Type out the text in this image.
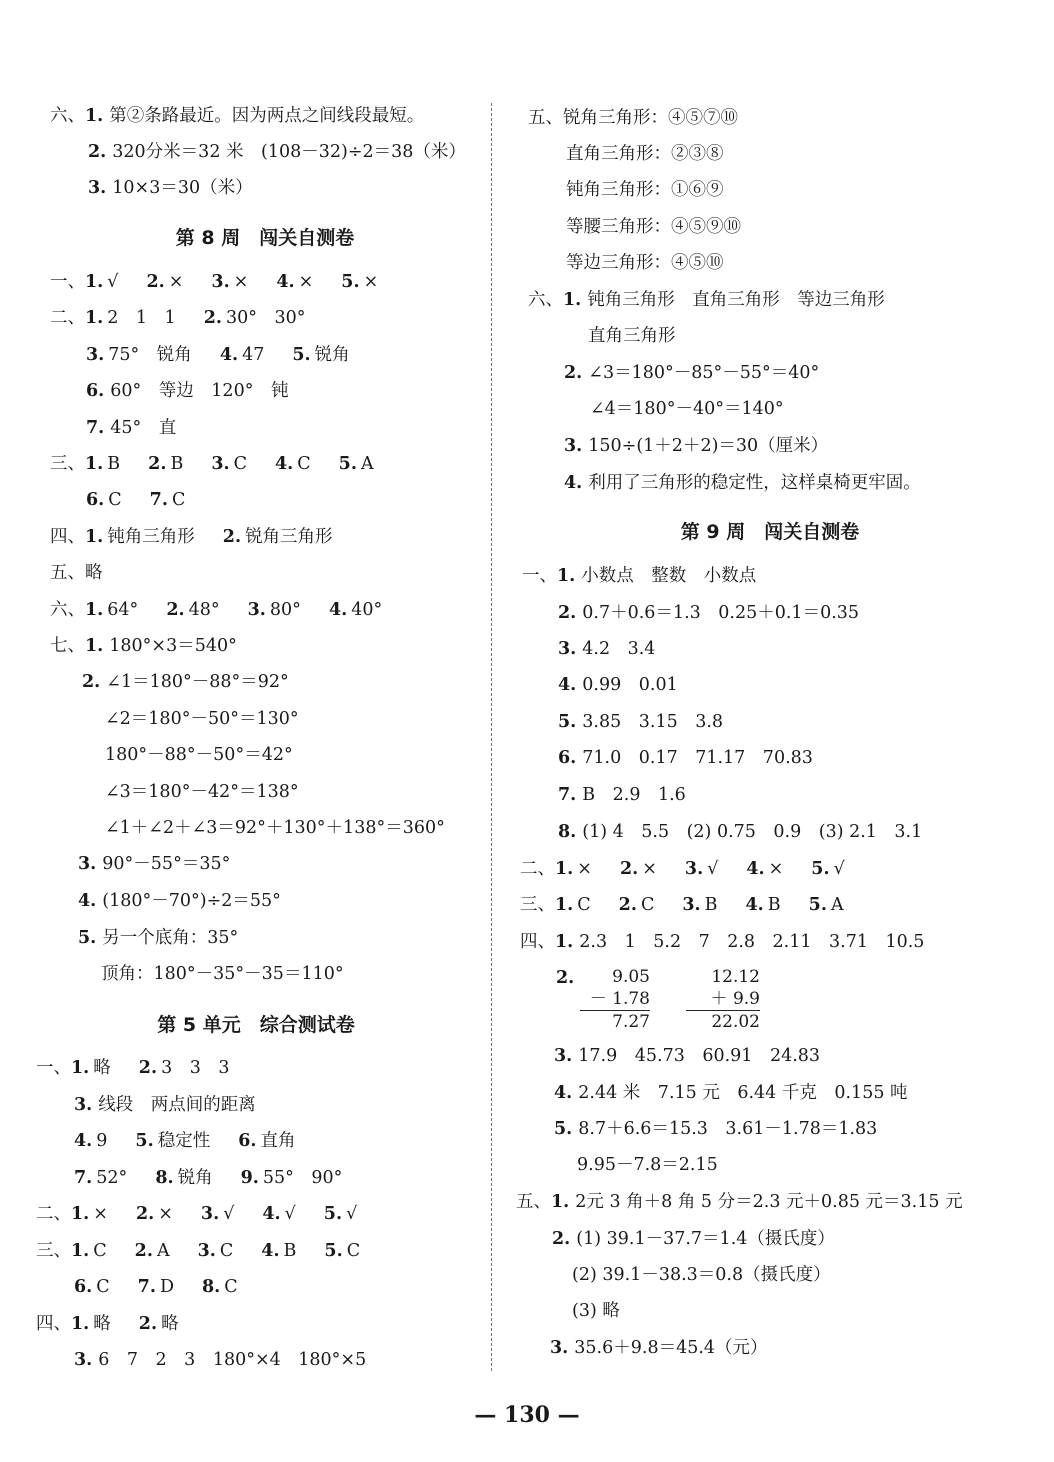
六、1. 第②条路最近。因为两点之间线段最短。
2. 320分米＝32 米　(108－32)÷2＝38（米）
3. 10×3＝30（米）
第 8 周　闯关自测卷
一、1. √ 2. × 3. × 4. × 5. ×
二、1. 2　1　1 2. 30°　30°
3. 75°　锐角 4. 47 5. 锐角
6. 60°　等边　120°　钝
7. 45°　直
三、1. B 2. B 3. C 4. C 5. A
6. C 7. C
四、1. 钝角三角形 2. 锐角三角形
五、略
六、1. 64° 2. 48° 3. 80° 4. 40°
七、1. 180°×3＝540°
2. ∠1＝180°－88°＝92°
∠2＝180°－50°＝130°
180°－88°－50°＝42°
∠3＝180°－42°＝138°
∠1＋∠2＋∠3＝92°＋130°＋138°＝360°
3. 90°－55°＝35°
4. (180°－70°)÷2＝55°
5. 另一个底角：35°
顶角：180°－35°－35＝110°
第 5 单元　综合测试卷
一、1. 略 2. 3　3　3
3. 线段　两点间的距离
4. 9 5. 稳定性 6. 直角
7. 52° 8. 锐角 9. 55°　90°
二、1. × 2. × 3. √ 4. √ 5. √
三、1. C 2. A 3. C 4. B 5. C
6. C 7. D 8. C
四、1. 略 2. 略
3. 6　7　2　3　180°×4　180°×5
五、锐角三角形：④⑤⑦⑩
直角三角形：②③⑧
钝角三角形：①⑥⑨
等腰三角形：④⑤⑨⑩
等边三角形：④⑤⑩
六、1. 钝角三角形　直角三角形　等边三角形
直角三角形
2. ∠3＝180°－85°－55°＝40°
∠4＝180°－40°＝140°
3. 150÷(1＋2＋2)＝30（厘米）
4. 利用了三角形的稳定性，这样桌椅更牢固。
第 9 周　闯关自测卷
一、1. 小数点　整数　小数点
2. 0.7＋0.6＝1.3　0.25＋0.1＝0.35
3. 4.2　3.4
4. 0.99　0.01
5. 3.85　3.15　3.8
6. 71.0　0.17　71.17　70.83
7. B　2.9　1.6
8. (1) 4　5.5　(2) 0.75　0.9　(3) 2.1　3.1
二、1. × 2. × 3. √ 4. × 5. √
三、1. C 2. C 3. B 4. B 5. A
四、1. 2.3　1　5.2　7　2.8　2.11　3.71　10.5
2.	9.05
－ 1.78
7.27
12.12
＋ 9.9
22.02
3. 17.9　45.73　60.91　24.83
4. 2.44 米　7.15 元　6.44 千克　0.155 吨
5. 8.7＋6.6＝15.3　3.61－1.78＝1.83
9.95－7.8＝2.15
五、1. 2元 3 角＋8 角 5 分＝2.3 元＋0.85 元＝3.15 元
2. (1) 39.1－37.7＝1.4（摄氏度）
(2) 39.1－38.3＝0.8（摄氏度）
(3) 略
3. 35.6＋9.8＝45.4（元）
— 130 —
